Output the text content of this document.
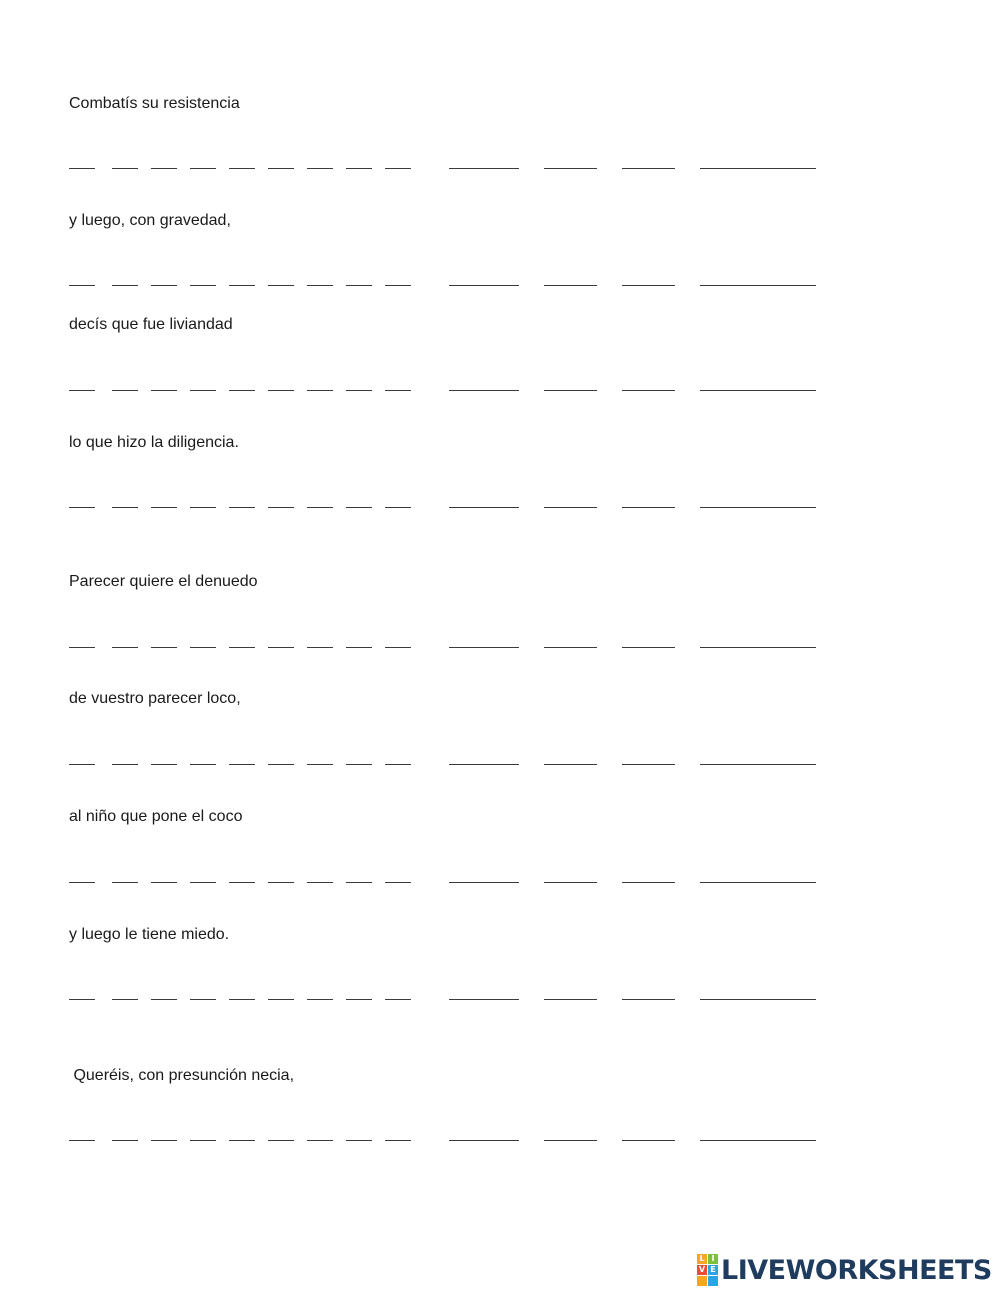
Combatís su resistencia
y luego, con gravedad,
decís que fue liviandad
lo que hizo la diligencia.
Parecer quiere el denuedo
de vuestro parecer loco,
al niño que pone el coco
y luego le tiene miedo.
Queréis, con presunción necia,
L I
V E LIVEWORKSHEETS
